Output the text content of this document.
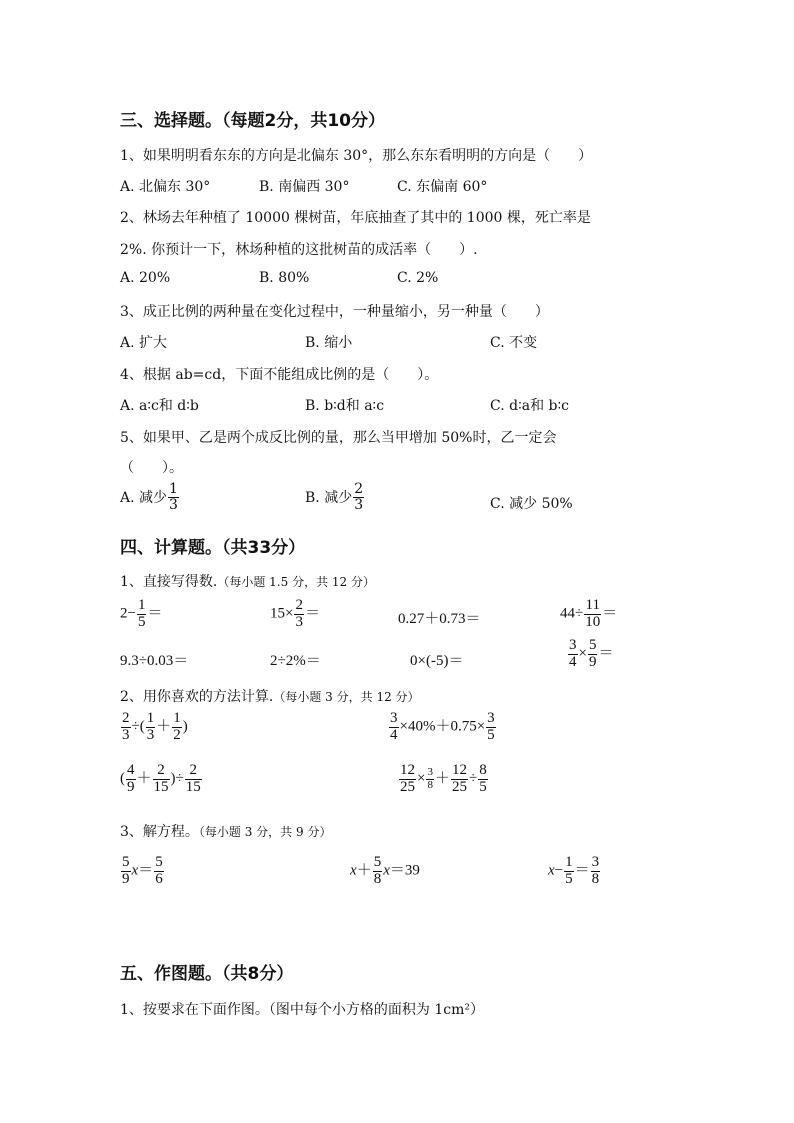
三、选择题。（每题2分，共10分）
1、如果明明看东东的方向是北偏东 30°，那么东东看明明的方向是（　　）
A. 北偏东 30°	B. 南偏西 30°	C. 东偏南 60°
2、林场去年种植了 10000 棵树苗，年底抽查了其中的 1000 棵，死亡率是
2%. 你预计一下，林场种植的这批树苗的成活率（　　）.
A. 20%	B. 80%	C. 2%
3、成正比例的两种量在变化过程中，一种量缩小，另一种量（　　）
A. 扩大	B. 缩小	C. 不变
4、根据 ab=cd，下面不能组成比例的是（　　）。
A. a∶c和 d∶b	B. b∶d和 a∶c	C. d∶a和 b∶c
5、如果甲、乙是两个成反比例的量，那么当甲增加 50%时，乙一定会
（　　）。
A. 减少 $\frac{1}{3}$	B. 减少 $\frac{2}{3}$	C. 减少 50%
四、计算题。（共33分）
1、直接写得数.（每小题 1.5 分，共 12 分）
$2- \frac{1}{5}$ ＝	$15\times \frac{2}{3}$ ＝	0.27＋0.73＝	$44\div \frac{11}{10}$ ＝
9.3÷0.03＝	2÷2%＝	0×(-5)＝	$\frac{3}{4} \times \frac{5}{9}$ ＝
2、用你喜欢的方法计算.（每小题 3 分，共 12 分）
$\frac{2}{3}$ ÷( $\frac{1}{3} + \frac{1}{2}$ )	$\frac{3}{4} \times 40\%+0.75\times \frac{3}{5}$
( $\frac{4}{9} + \frac{2}{15}$ )÷ $\frac{2}{15}$	$\frac{12}{25} \times \frac{3}{8} + \frac{12}{25} \div \frac{8}{5}$
3、解方程。（每小题 3 分，共 9 分）
$\frac{5}{9} x= \frac{5}{6}$	$x+ \frac{5}{8} x=39$	$x- \frac{1}{5} = \frac{3}{8}$
五、作图题。（共8分）
1、按要求在下面作图。（图中每个小方格的面积为 1cm²）
